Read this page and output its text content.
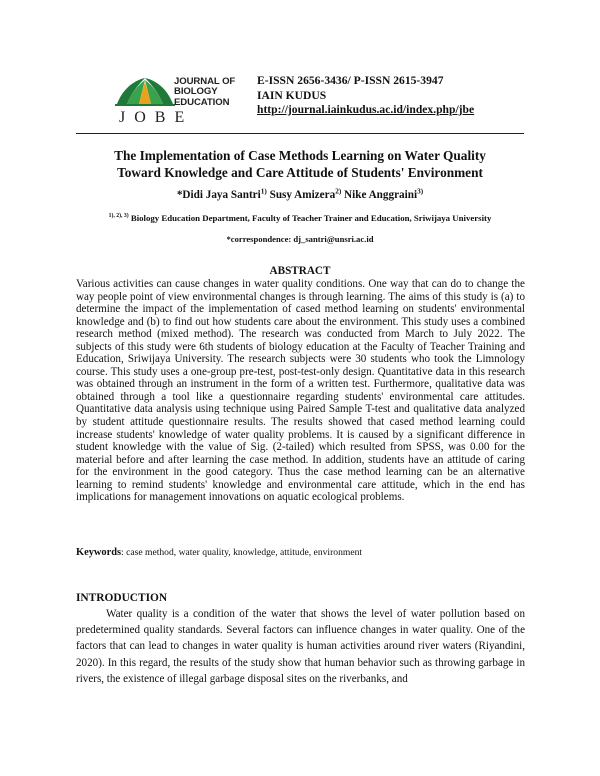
JOURNAL OF
BIOLOGY
EDUCATION
JOBE
E-ISSN 2656-3436/ P-ISSN 2615-3947
IAIN KUDUS
http://journal.iainkudus.ac.id/index.php/jbe
The Implementation of Case Methods Learning on Water Quality
Toward Knowledge and Care Attitude of Students' Environment
*Didi Jaya Santri$^{1)}$ Susy Amizera$^{2)}$ Nike Anggraini$^{3)}$
$^{1), 2), 3)}$ Biology Education Department, Faculty of Teacher Trainer and Education, Sriwijaya University
*correspondence: dj_santri@unsri.ac.id
ABSTRACT

Various activities can cause changes in water quality conditions. One way that can do to change the way people point of view environmental changes is through learning. The aims of this study is (a) to determine the impact of the implementation of cased method learning on students' environmental knowledge and (b) to find out how students care about the environment. This study uses a combined research method (mixed method). The research was conducted from March to July 2022. The subjects of this study were 6th students of biology education at the Faculty of Teacher Training and Education, Sriwijaya University. The research subjects were 30 students who took the Limnology course. This study uses a one-group pre-test, post-test-only design. Quantitative data in this research was obtained through an instrument in the form of a written test. Furthermore, qualitative data was obtained through a tool like a questionnaire regarding students' environmental care attitudes. Quantitative data analysis using technique using Paired Sample T-test and qualitative data analyzed by student attitude questionnaire results. The results showed that cased method learning could increase students' knowledge of water quality problems. It is caused by a significant difference in student knowledge with the value of Sig. (2-tailed) which resulted from SPSS, was 0.00 for the material before and after learning the case method. In addition, students have an attitude of caring for the environment in the good category. Thus the case method learning can be an alternative learning to remind students' knowledge and environmental care attitude, which in the end has implications for management innovations on aquatic ecological problems.

Keywords: case method, water quality, knowledge, attitude, environment
INTRODUCTION

Water quality is a condition of the water that shows the level of water pollution based on predetermined quality standards. Several factors can influence changes in water quality. One of the factors that can lead to changes in water quality is human activities around river waters (Riyandini, 2020). In this regard, the results of the study show that human behavior such as throwing garbage in rivers, the existence of illegal garbage disposal sites on the riverbanks, and
